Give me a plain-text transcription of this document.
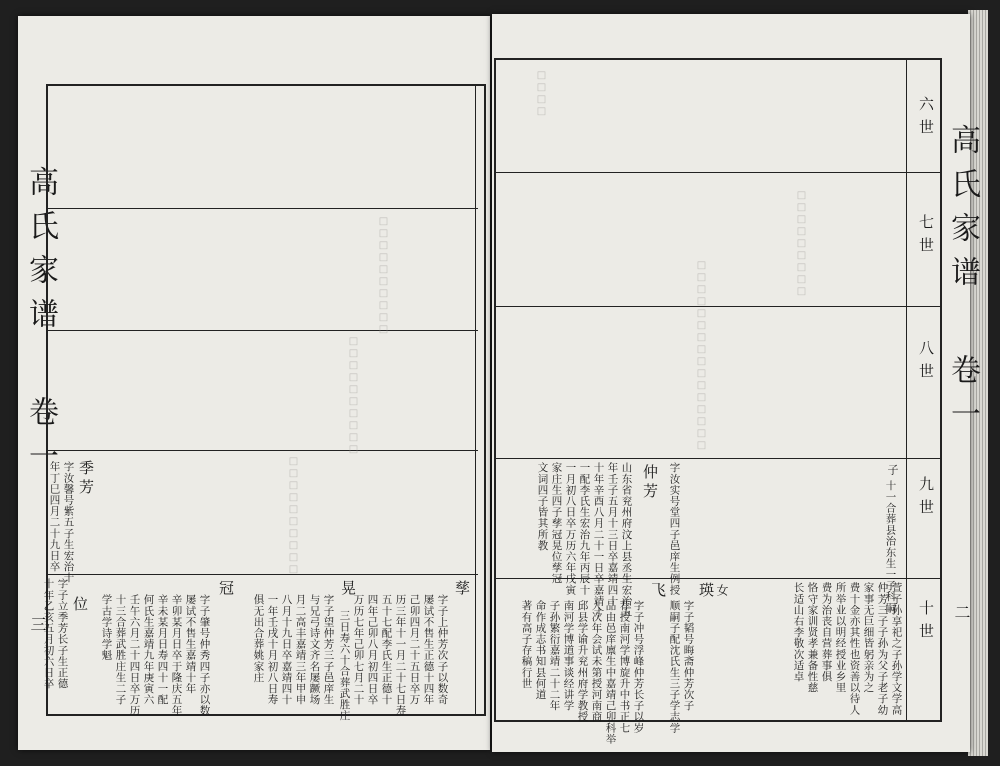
高氏家谱
卷一
三
□□□□□□□□□□
□□□□□□□□□□
□□□□□□□□□□
位
字子立季芳长子生正德
十年乙亥五月初六日卒
季芳
字汝馨号紫五子生宏治十
年丁巳四月二十九日卒
冠
字子肇号仲秀四子亦以数
屡试不售生嘉靖十年
辛卯某月日卒于隆庆五年
辛未某月日寿四十一配
何氏生嘉靖九年庚寅六
壬午六月二十四日卒万历
十三合葬武胜庄生二子
学古学诗学魁
晃
字子望仲芳三子邑庠生
与兄弓诗文齐名屡蹶场
月二高丰嘉靖三年甲申
八月十九日卒嘉靖四十
一年壬戌十月初八日寿
俱无出合葬姚家庄
孳
字子上仲芳次子以数奇
屡试不售生正德十四年
己卯四月二十五日卒万
历三年十一月二十七日寿
五十七配李氏生正德十
四年己卯八月初四日卒
万历七年己卯七月二十
三日寿六十合葬武胜庄
六世
七世
八世
九世
十世
□□□□
□□□□□□□□□□□□□□□□
□□□□□□□□□
子
十一合葬县治东生一子科嗣
仲芳 字汝实号堂四子邑庠生例授
山东省兖州府汶上县丞生宏治五
年壬子五月十三日卒嘉靖四十
十年辛酉八月二十一日卒嘉靖十
一配李氏生宏治九年丙辰十
一月初八日卒万历六年戊寅
家庄生四子孳冠晃位孳冠
文词四子皆其所教
瑛
字子韬号晦斋仲芳次子
顺嗣子配沈氏生三子学志学
飞
字子冲号浮峰仲芳长子以岁
荐授南河学博旋升中书正七
品由邑庠廪生中嘉靖己卯科举
人次年会试未第授河南商
邱县学谕升兖州府学教授
南河学博道事谈经讲学
子孙繁衍嘉靖二十二年
命作成志书知县何道
著有高子存稿行世
女	萱子孙享祀之子孙学文学高
仲芳三子子孙为父子老子幼
家事无巨细皆躬亲为之
费十金亦其性也资善以待人
所举业以明经授业乡里
费为治丧自营葬事俱
恪守家训贤孝兼备性慈
长适山右李敬次适卓
高氏家谱
卷一
二
